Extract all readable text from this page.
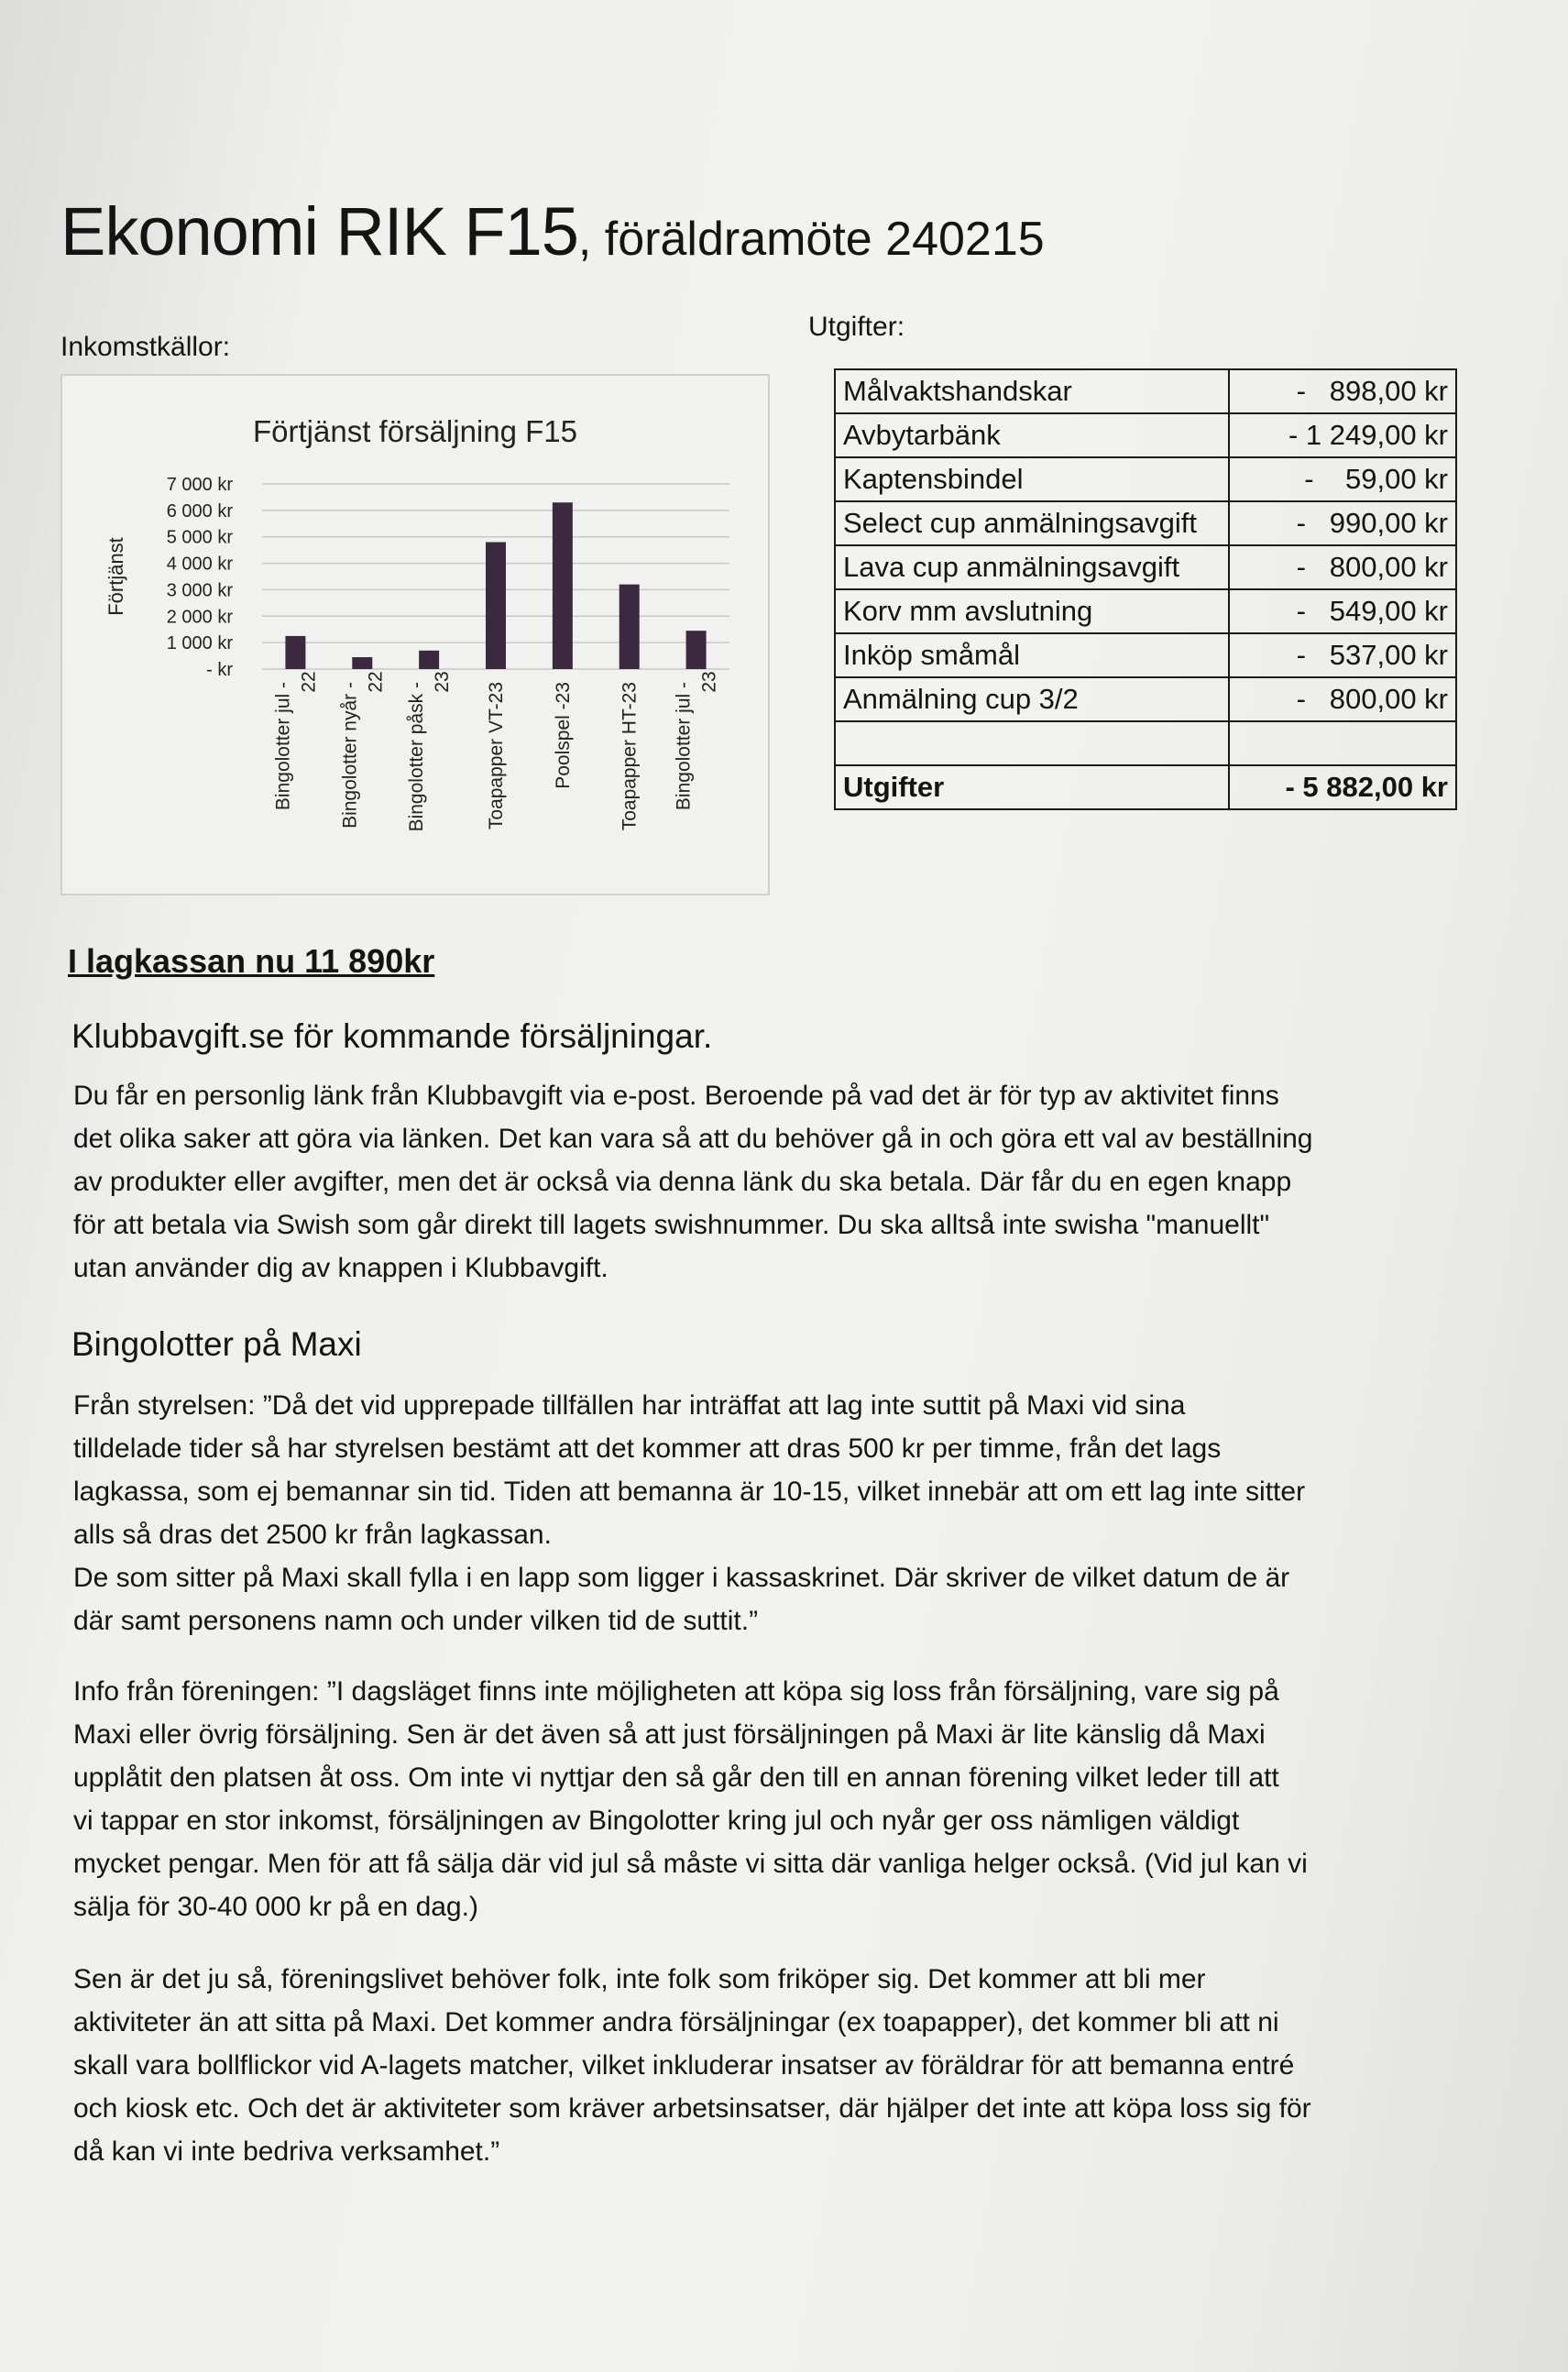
Ekonomi RIK F15, föräldramöte 240215
Inkomstkällor:
Utgifter:
Förtjänst försäljning F15
- kr
1 000 kr
2 000 kr
3 000 kr
4 000 kr
5 000 kr
6 000 kr
7 000 kr
Förtjänst
Bingolotter jul - 22 Bingolotter nyår - 22 Bingolotter påsk - 23 Toapapper VT-23 Poolspel -23 Toapapper HT-23 Bingolotter jul - 23
Målvaktshandskar	-   898,00 kr
Avbytarbänk	- 1 249,00 kr
Kaptensbindel	-    59,00 kr
Select cup anmälningsavgift	-   990,00 kr
Lava cup anmälningsavgift	-   800,00 kr
Korv mm avslutning	-   549,00 kr
Inköp småmål	-   537,00 kr
Anmälning cup 3/2	-   800,00 kr

Utgifter	- 5 882,00 kr
I lagkassan nu 11 890kr
Klubbavgift.se för kommande försäljningar.
Du får en personlig länk från Klubbavgift via e-post. Beroende på vad det är för typ av aktivitet finns
det olika saker att göra via länken. Det kan vara så att du behöver gå in och göra ett val av beställning
av produkter eller avgifter, men det är också via denna länk du ska betala. Där får du en egen knapp
för att betala via Swish som går direkt till lagets swishnummer. Du ska alltså inte swisha "manuellt"
utan använder dig av knappen i Klubbavgift.
Bingolotter på Maxi
Från styrelsen: ”Då det vid upprepade tillfällen har inträffat att lag inte suttit på Maxi vid sina
tilldelade tider så har styrelsen bestämt att det kommer att dras 500 kr per timme, från det lags
lagkassa, som ej bemannar sin tid. Tiden att bemanna är 10-15, vilket innebär att om ett lag inte sitter
alls så dras det 2500 kr från lagkassan.
De som sitter på Maxi skall fylla i en lapp som ligger i kassaskrinet. Där skriver de vilket datum de är
där samt personens namn och under vilken tid de suttit.”
Info från föreningen: ”I dagsläget finns inte möjligheten att köpa sig loss från försäljning, vare sig på
Maxi eller övrig försäljning. Sen är det även så att just försäljningen på Maxi är lite känslig då Maxi
upplåtit den platsen åt oss. Om inte vi nyttjar den så går den till en annan förening vilket leder till att
vi tappar en stor inkomst, försäljningen av Bingolotter kring jul och nyår ger oss nämligen väldigt
mycket pengar. Men för att få sälja där vid jul så måste vi sitta där vanliga helger också. (Vid jul kan vi
sälja för 30-40 000 kr på en dag.)
Sen är det ju så, föreningslivet behöver folk, inte folk som friköper sig. Det kommer att bli mer
aktiviteter än att sitta på Maxi. Det kommer andra försäljningar (ex toapapper), det kommer bli att ni
skall vara bollflickor vid A-lagets matcher, vilket inkluderar insatser av föräldrar för att bemanna entré
och kiosk etc. Och det är aktiviteter som kräver arbetsinsatser, där hjälper det inte att köpa loss sig för
då kan vi inte bedriva verksamhet.”
